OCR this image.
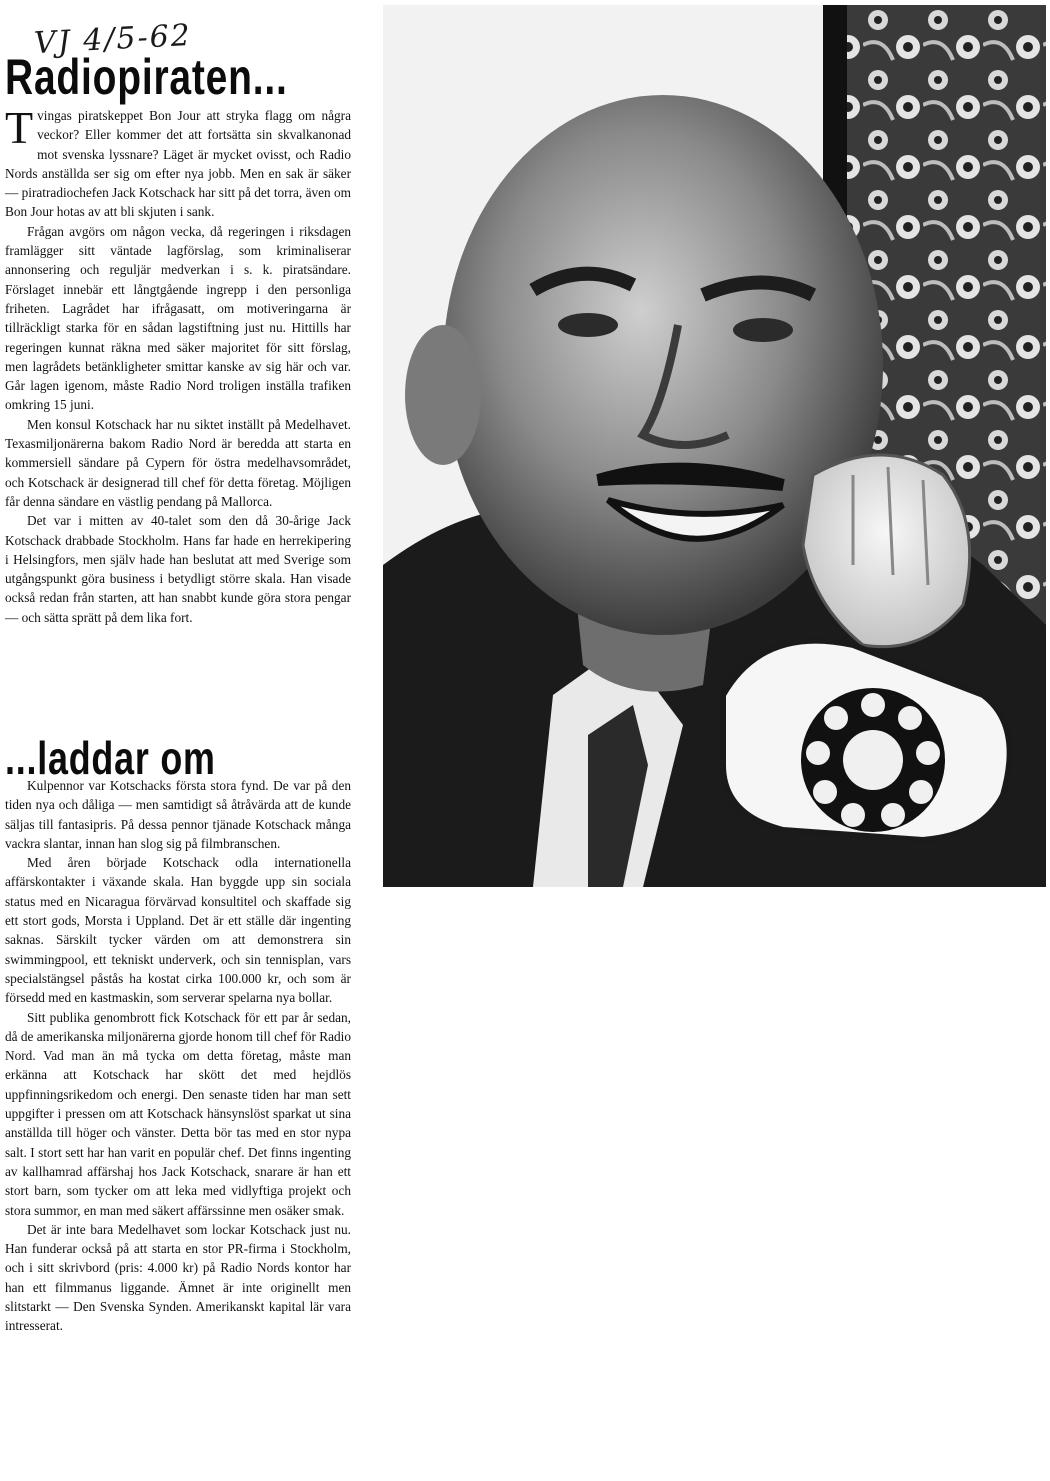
VJ 4/5-62
Radiopiraten...

Tvingas piratskeppet Bon Jour att stryka flagg om några veckor? Eller kommer det att fortsätta sin skvalkanonad mot svenska lyssnare? Läget är mycket ovisst, och Radio Nords anställda ser sig om efter nya jobb. Men en sak är säker — piratradiochefen Jack Kotschack har sitt på det torra, även om Bon Jour hotas av att bli skjuten i sank.

Frågan avgörs om någon vecka, då regeringen i riksdagen framlägger sitt väntade lagförslag, som kriminaliserar annonsering och reguljär medverkan i s. k. piratsändare. Förslaget innebär ett långtgående ingrepp i den personliga friheten. Lagrådet har ifrågasatt, om motiveringarna är tillräckligt starka för en sådan lagstiftning just nu. Hittills har regeringen kunnat räkna med säker majoritet för sitt förslag, men lagrådets betänkligheter smittar kanske av sig här och var. Går lagen igenom, måste Radio Nord troligen inställa trafiken omkring 15 juni.

Men konsul Kotschack har nu siktet inställt på Medelhavet. Texasmiljonärerna bakom Radio Nord är beredda att starta en kommersiell sändare på Cypern för östra medelhavsområdet, och Kotschack är designerad till chef för detta företag. Möjligen får denna sändare en västlig pendang på Mallorca.

Det var i mitten av 40-talet som den då 30-årige Jack Kotschack drabbade Stockholm. Hans far hade en herrekipering i Helsingfors, men själv hade han beslutat att med Sverige som utgångspunkt göra business i betydligt större skala. Han visade också redan från starten, att han snabbt kunde göra stora pengar — och sätta sprätt på dem lika fort.

...laddar om

Kulpennor var Kotschacks första stora fynd. De var på den tiden nya och dåliga — men samtidigt så åtråvärda att de kunde säljas till fantasipris. På dessa pennor tjänade Kotschack många vackra slantar, innan han slog sig på filmbranschen.

Med åren började Kotschack odla internationella affärskontakter i växande skala. Han byggde upp sin sociala status med en Nicaragua förvärvad konsultitel och skaffade sig ett stort gods, Morsta i Uppland. Det är ett ställe där ingenting saknas. Särskilt tycker värden om att demonstrera sin swimmingpool, ett tekniskt underverk, och sin tennisplan, vars specialstängsel påstås ha kostat cirka 100.000 kr, och som är försedd med en kastmaskin, som serverar spelarna nya bollar.

Sitt publika genombrott fick Kotschack för ett par år sedan, då de amerikanska miljonärerna gjorde honom till chef för Radio Nord. Vad man än må tycka om detta företag, måste man erkänna att Kotschack har skött det med hejdlös uppfinningsrikedom och energi. Den senaste tiden har man sett uppgifter i pressen om att Kotschack hänsynslöst sparkat ut sina anställda till höger och vänster. Detta bör tas med en stor nypa salt. I stort sett har han varit en populär chef. Det finns ingenting av kallhamrad affärshaj hos Jack Kotschack, snarare är han ett stort barn, som tycker om att leka med vidlyftiga projekt och stora summor, en man med säkert affärssinne men osäker smak.

Det är inte bara Medelhavet som lockar Kotschack just nu. Han funderar också på att starta en stor PR-firma i Stockholm, och i sitt skrivbord (pris: 4.000 kr) på Radio Nords kontor har han ett filmmanus liggande. Ämnet är inte originellt men slitstarkt — Den Svenska Synden. Amerikanskt kapital lär vara intresserat.
